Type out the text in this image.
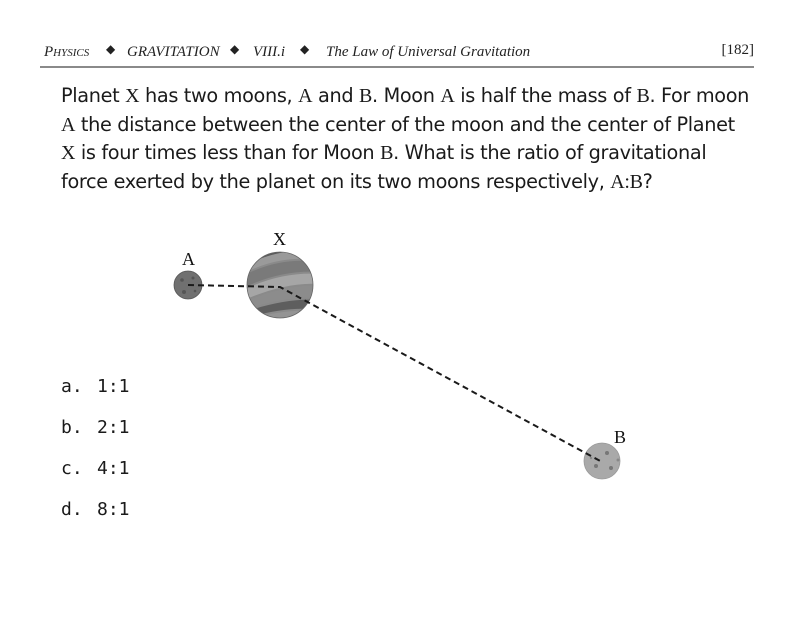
Physics ◆ GRAVITATION ◆ VIII.i ◆ The Law of Universal Gravitation	[182]
Planet X has two moons, A and B. Moon A is half the mass of B. For moon A the distance between the center of the moon and the center of Planet X is four times less than for Moon B. What is the ratio of gravitational force exerted by the planet on its two moons respectively, A:B?
X
A
B
a. 1:1
b. 2:1
c. 4:1
d. 8:1
